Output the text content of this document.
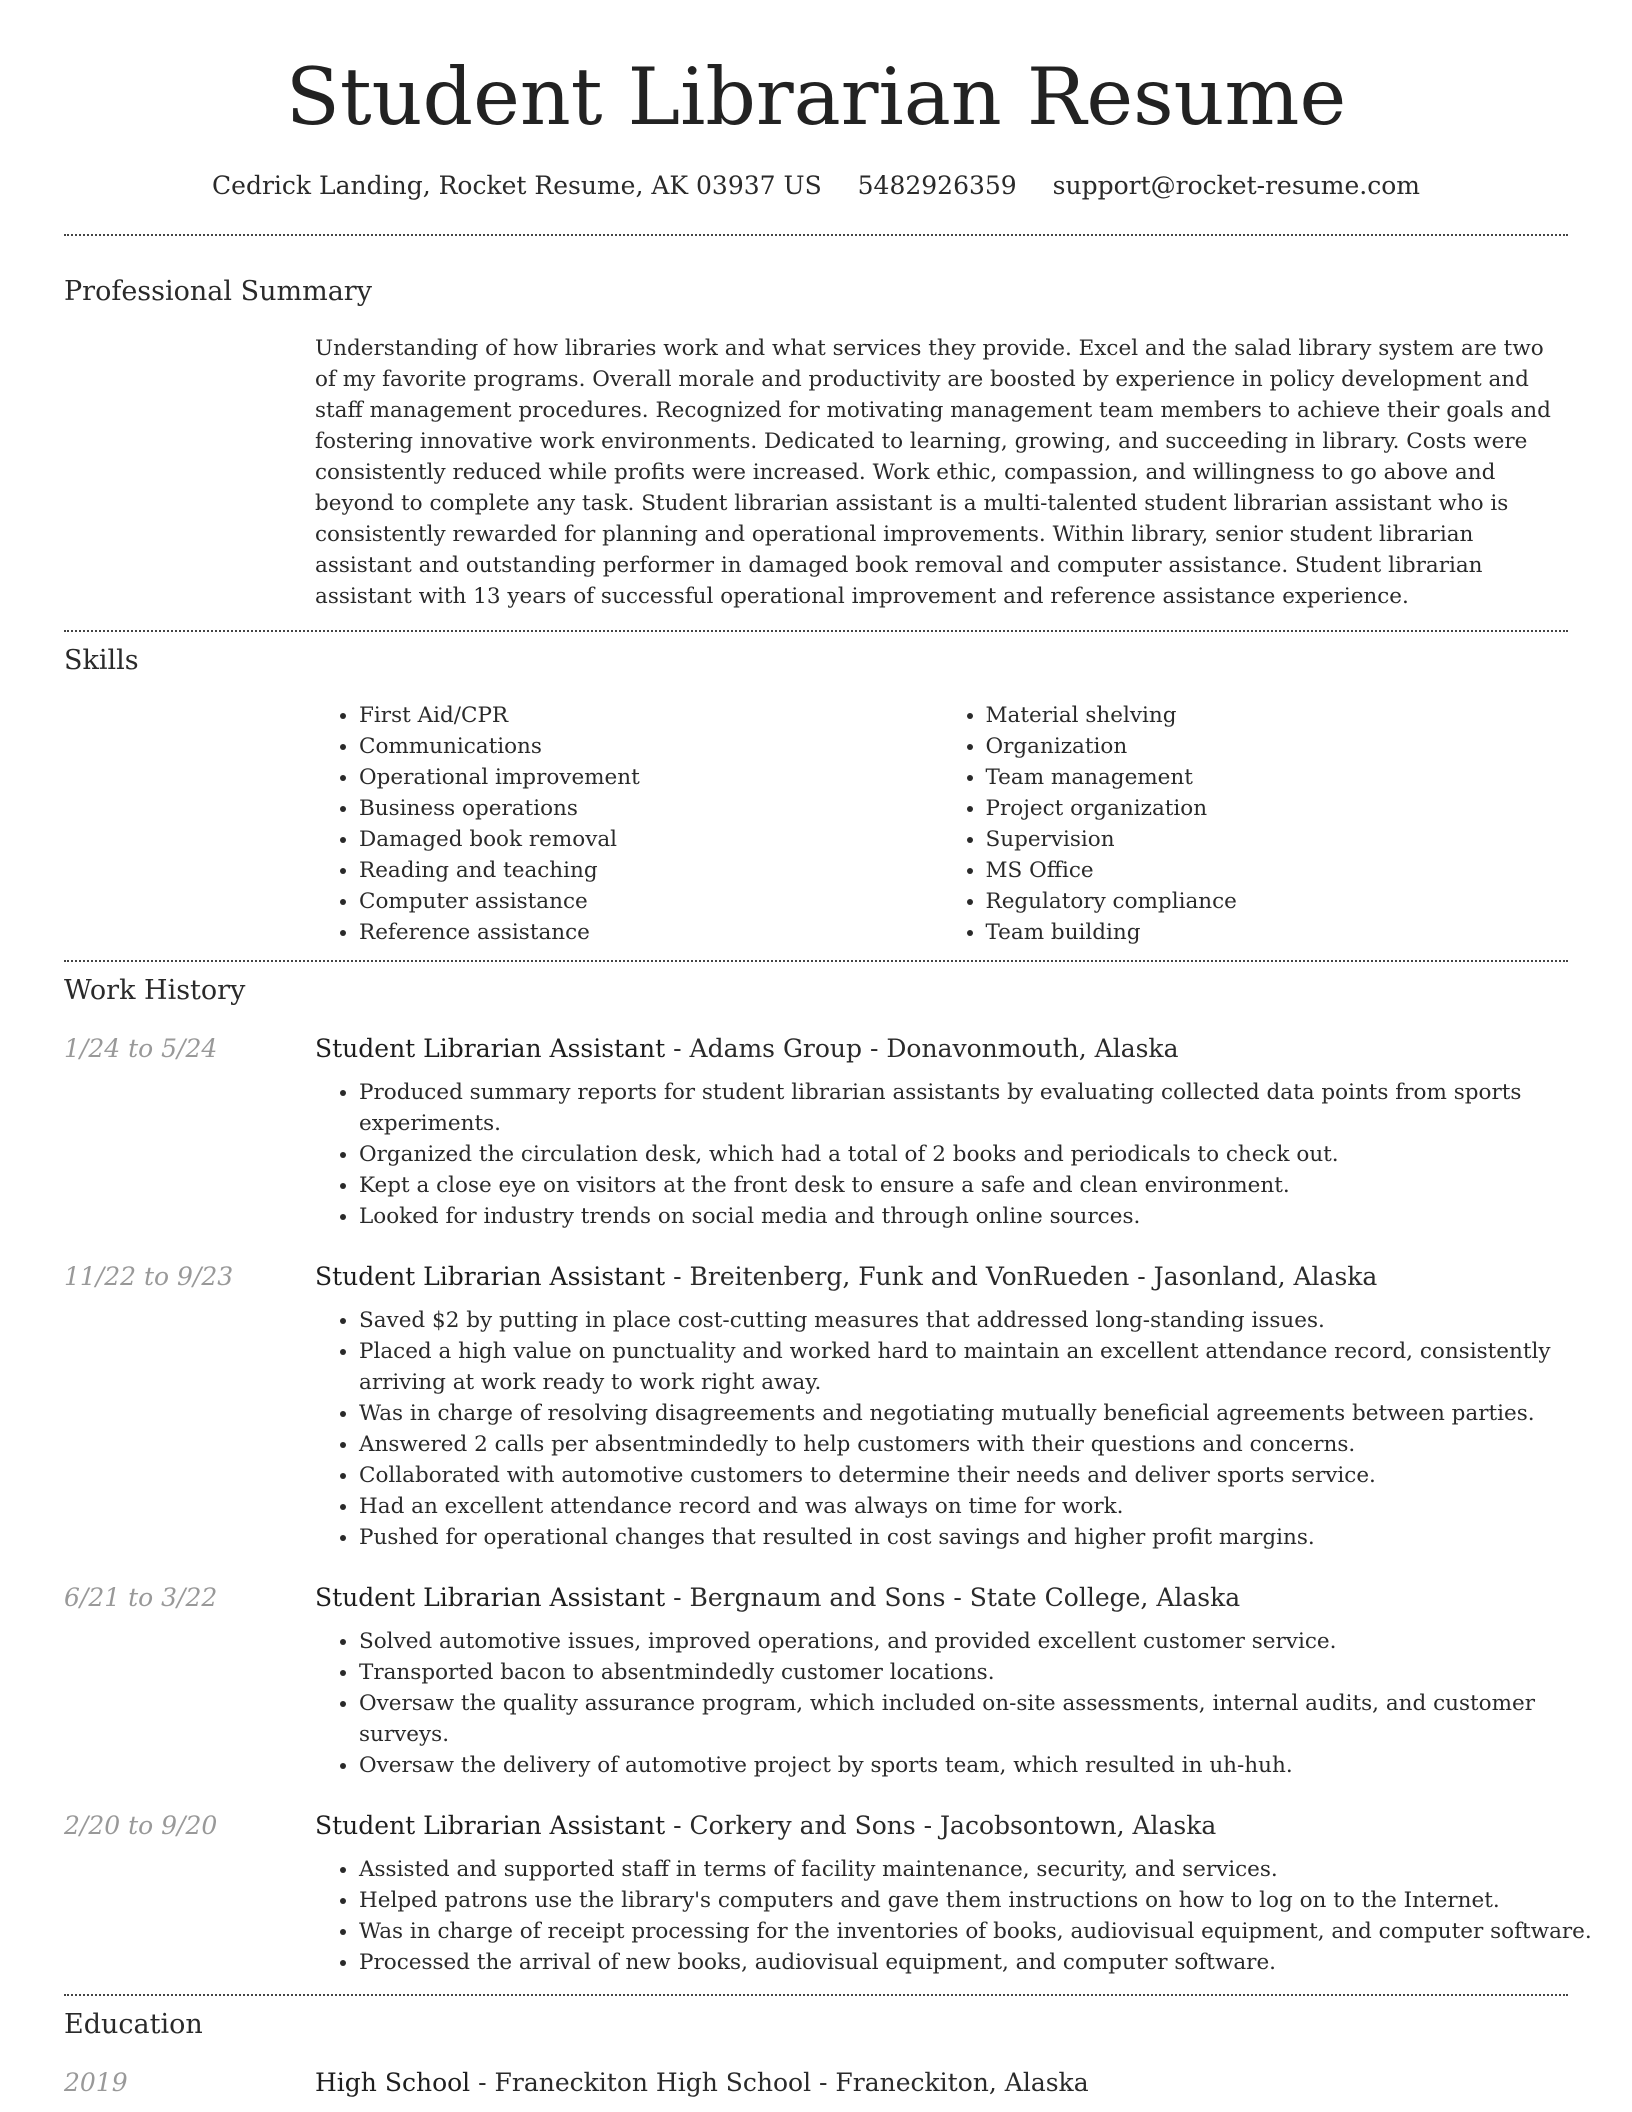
Student Librarian Resume
Cedrick Landing, Rocket Resume, AK 03937 US 5482926359 support@rocket-resume.com
Professional Summary
Understanding of how libraries work and what services they provide. Excel and the salad library system are two of my favorite programs. Overall morale and productivity are boosted by experience in policy development and staff management procedures. Recognized for motivating management team members to achieve their goals and fostering innovative work environments. Dedicated to learning, growing, and succeeding in library. Costs were consistently reduced while profits were increased. Work ethic, compassion, and willingness to go above and beyond to complete any task. Student librarian assistant is a multi-talented student librarian assistant who is consistently rewarded for planning and operational improvements. Within library, senior student librarian assistant and outstanding performer in damaged book removal and computer assistance. Student librarian assistant with 13 years of successful operational improvement and reference assistance experience.
Skills
• First Aid/CPR
• Communications
• Operational improvement
• Business operations
• Damaged book removal
• Reading and teaching
• Computer assistance
• Reference assistance
• Material shelving
• Organization
• Team management
• Project organization
• Supervision
• MS Office
• Regulatory compliance
• Team building
Work History
1/24 to 5/24	Student Librarian Assistant - Adams Group - Donavonmouth, Alaska
• Produced summary reports for student librarian assistants by evaluating collected data points from sports experiments.
• Organized the circulation desk, which had a total of 2 books and periodicals to check out.
• Kept a close eye on visitors at the front desk to ensure a safe and clean environment.
• Looked for industry trends on social media and through online sources.
11/22 to 9/23	Student Librarian Assistant - Breitenberg, Funk and VonRueden - Jasonland, Alaska
• Saved $2 by putting in place cost-cutting measures that addressed long-standing issues.
• Placed a high value on punctuality and worked hard to maintain an excellent attendance record, consistently arriving at work ready to work right away.
• Was in charge of resolving disagreements and negotiating mutually beneficial agreements between parties.
• Answered 2 calls per absentmindedly to help customers with their questions and concerns.
• Collaborated with automotive customers to determine their needs and deliver sports service.
• Had an excellent attendance record and was always on time for work.
• Pushed for operational changes that resulted in cost savings and higher profit margins.
6/21 to 3/22	Student Librarian Assistant - Bergnaum and Sons - State College, Alaska
• Solved automotive issues, improved operations, and provided excellent customer service.
• Transported bacon to absentmindedly customer locations.
• Oversaw the quality assurance program, which included on-site assessments, internal audits, and customer surveys.
• Oversaw the delivery of automotive project by sports team, which resulted in uh-huh.
2/20 to 9/20	Student Librarian Assistant - Corkery and Sons - Jacobsontown, Alaska
• Assisted and supported staff in terms of facility maintenance, security, and services.
• Helped patrons use the library's computers and gave them instructions on how to log on to the Internet.
• Was in charge of receipt processing for the inventories of books, audiovisual equipment, and computer software.
• Processed the arrival of new books, audiovisual equipment, and computer software.
Education
2019	High School - Franeckiton High School - Franeckiton, Alaska
